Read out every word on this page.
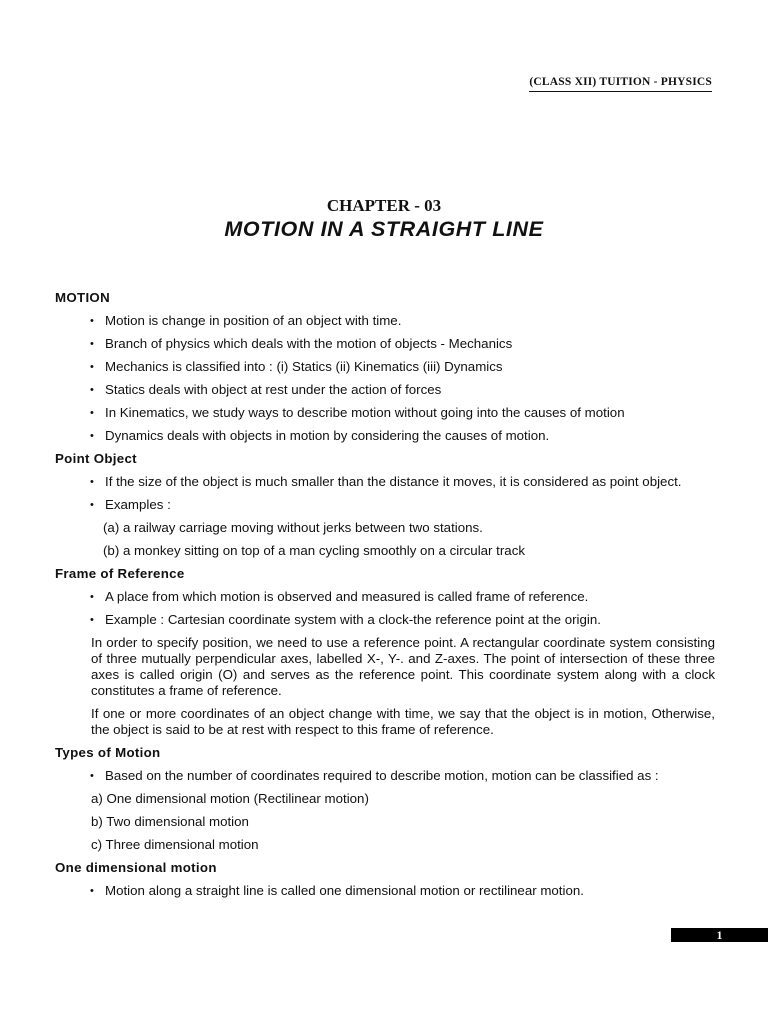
(CLASS XII) TUITION - PHYSICS
CHAPTER - 03
MOTION IN A STRAIGHT LINE
MOTION
• Motion is change in position of an object with time.
• Branch of physics which deals with the motion of objects - Mechanics
• Mechanics is classified into : (i) Statics (ii) Kinematics (iii) Dynamics
• Statics deals with object at rest under the action of forces
• In Kinematics, we study ways to describe motion without going into the causes of motion
• Dynamics deals with objects in motion by considering the causes of motion.
Point Object
• If the size of the object is much smaller than the distance it moves, it is considered as point object.
• Examples :
(a) a railway carriage moving without jerks between two stations.
(b) a monkey sitting on top of a man cycling smoothly on a circular track
Frame of Reference
• A place from which motion is observed and measured is called frame of reference.
• Example : Cartesian coordinate system with a clock-the reference point at the origin.
In order to specify position, we need to use a reference point. A rectangular coordinate system consisting of three mutually perpendicular axes, labelled X-, Y-. and Z-axes. The point of intersection of these three axes is called origin (O) and serves as the reference point. This coordinate system along with a clock constitutes a frame of reference.
If one or more coordinates of an object change with time, we say that the object is in motion, Otherwise, the object is said to be at rest with respect to this frame of reference.
Types of Motion
• Based on the number of coordinates required to describe motion, motion can be classified as :
a) One dimensional motion (Rectilinear motion)
b) Two dimensional motion
c) Three dimensional motion
One dimensional motion
• Motion along a straight line is called one dimensional motion or rectilinear motion.
1
